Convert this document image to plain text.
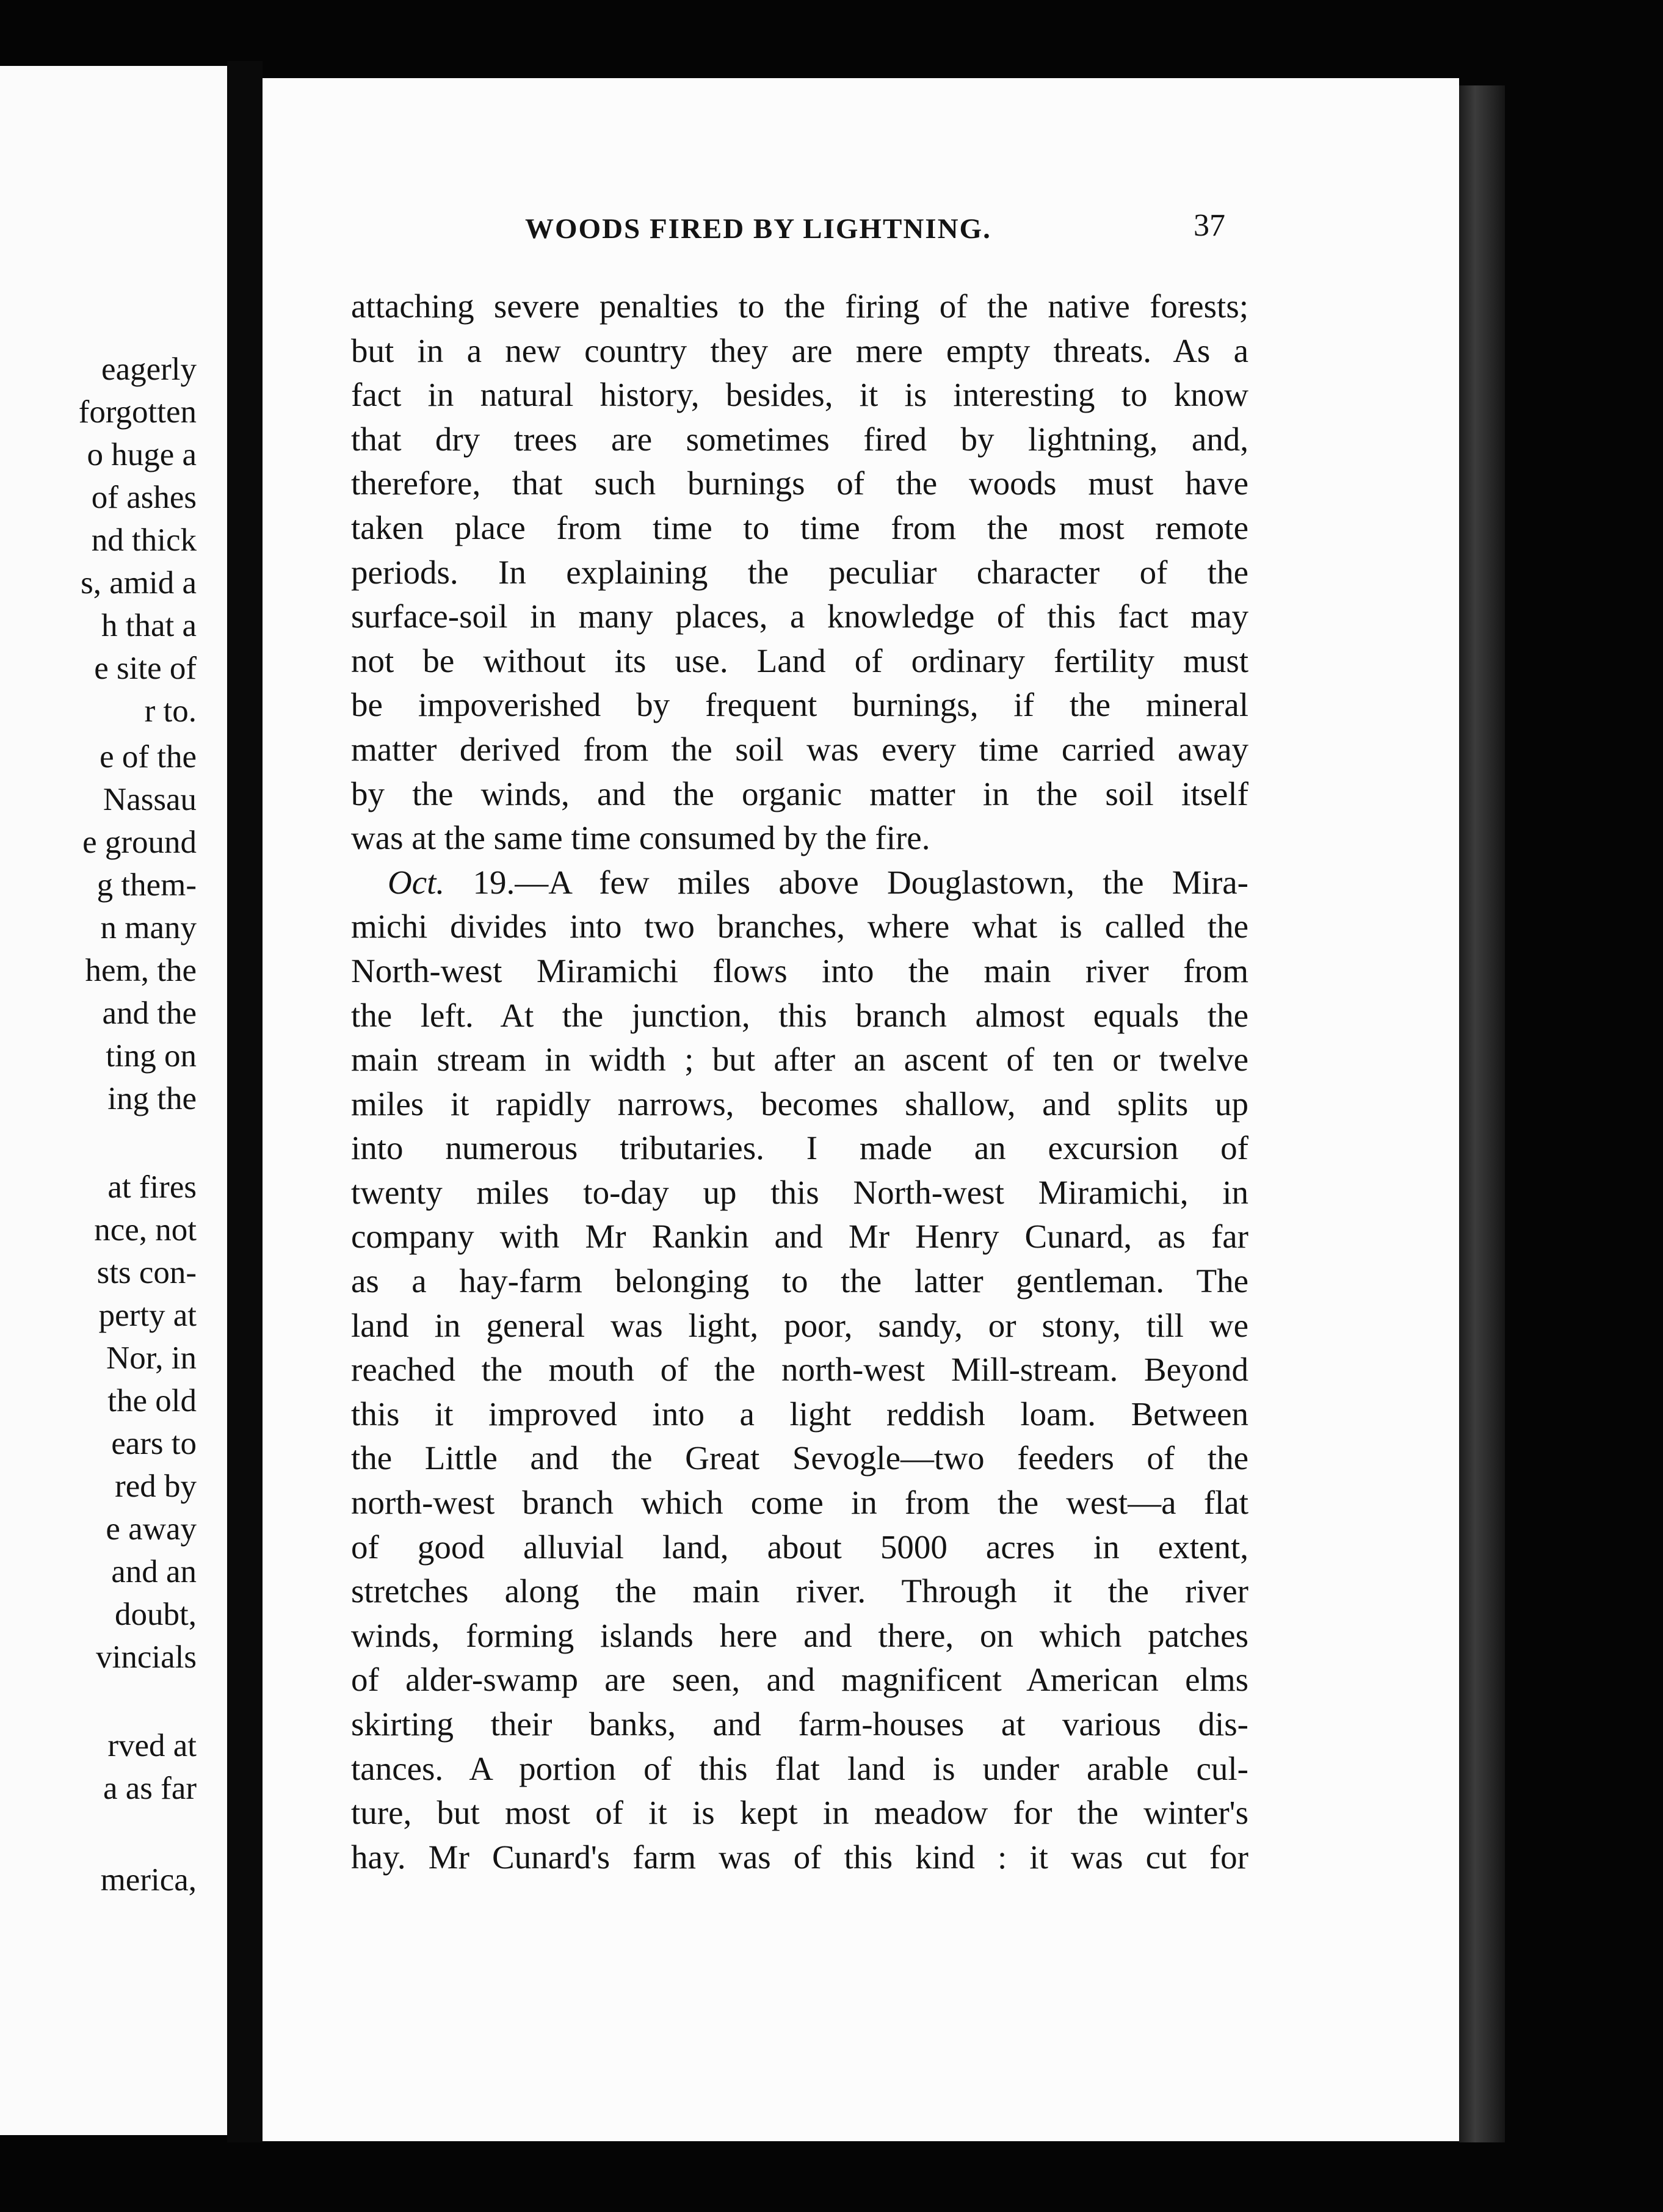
eagerly
forgotten
o huge a
of ashes
nd thick
s, amid a
h that a
e site of
r to.
e of the
Nassau
e ground
g them-
n many
hem, the
and the
ting on
ing the
at fires
nce, not
sts con-
perty at
Nor, in
the old
ears to
red by
e away
and an
doubt,
vincials
rved at
a as far
merica,
WOODS FIRED BY LIGHTNING.	37
attaching severe penalties to the firing of the native forests;
but in a new country they are mere empty threats. As a
fact in natural history, besides, it is interesting to know
that dry trees are sometimes fired by lightning, and,
therefore, that such burnings of the woods must have
taken place from time to time from the most remote
periods. In explaining the peculiar character of the
surface-soil in many places, a knowledge of this fact may
not be without its use. Land of ordinary fertility must
be impoverished by frequent burnings, if the mineral
matter derived from the soil was every time carried away
by the winds, and the organic matter in the soil itself
was at the same time consumed by the fire.
Oct. 19.—A few miles above Douglastown, the Mira-
michi divides into two branches, where what is called the
North-west Miramichi flows into the main river from
the left. At the junction, this branch almost equals the
main stream in width ; but after an ascent of ten or twelve
miles it rapidly narrows, becomes shallow, and splits up
into numerous tributaries. I made an excursion of
twenty miles to-day up this North-west Miramichi, in
company with Mr Rankin and Mr Henry Cunard, as far
as a hay-farm belonging to the latter gentleman. The
land in general was light, poor, sandy, or stony, till we
reached the mouth of the north-west Mill-stream. Beyond
this it improved into a light reddish loam. Between
the Little and the Great Sevogle—two feeders of the
north-west branch which come in from the west—a flat
of good alluvial land, about 5000 acres in extent,
stretches along the main river. Through it the river
winds, forming islands here and there, on which patches
of alder-swamp are seen, and magnificent American elms
skirting their banks, and farm-houses at various dis-
tances. A portion of this flat land is under arable cul-
ture, but most of it is kept in meadow for the winter's
hay. Mr Cunard's farm was of this kind : it was cut for
